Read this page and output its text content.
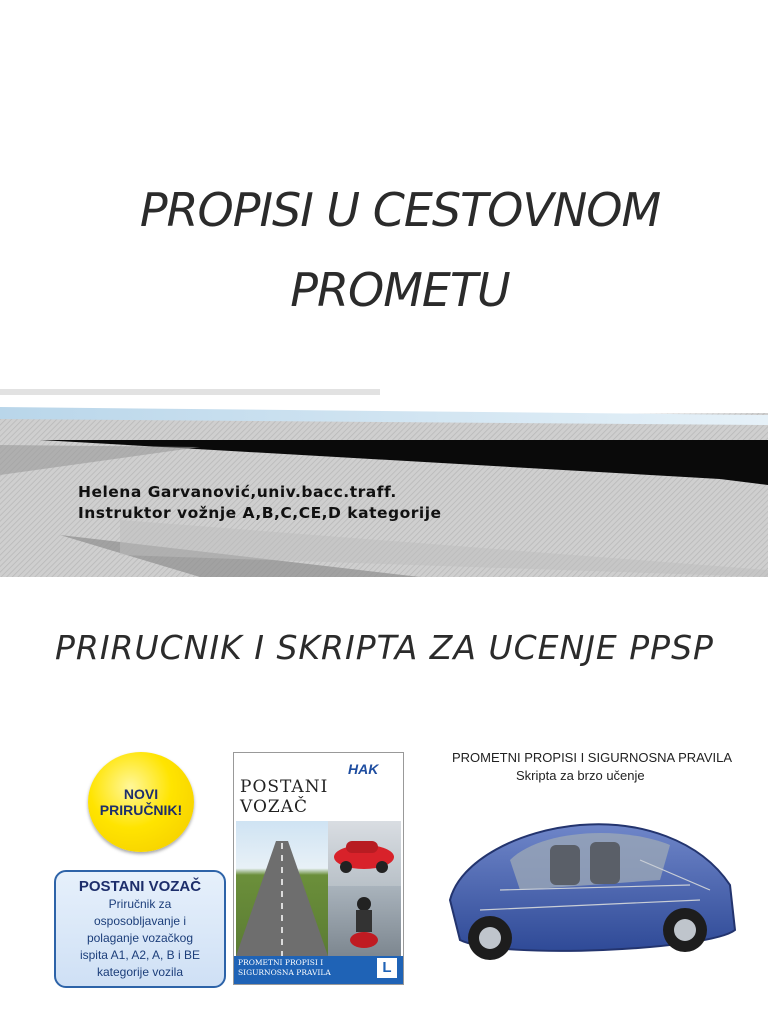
PROPISI U CESTOVNOM
PROMETU
Helena Garvanović,univ.bacc.traff.
Instruktor vožnje A,B,C,CE,D kategorije
PRIRUCNIK I SKRIPTA ZA UCENJE PPSP
NOVI
PRIRUČNIK!
POSTANI VOZAČ
Priručnik za
osposobljavanje i
polaganje vozačkog
ispita A1, A2, A, B i BE
kategorije vozila
HAK
POSTANI
VOZAČ
PROMETNI PROPISI I
SIGURNOSNA PRAVILA	L
PROMETNI PROPISI I SIGURNOSNA PRAVILA
Skripta za brzo učenje
